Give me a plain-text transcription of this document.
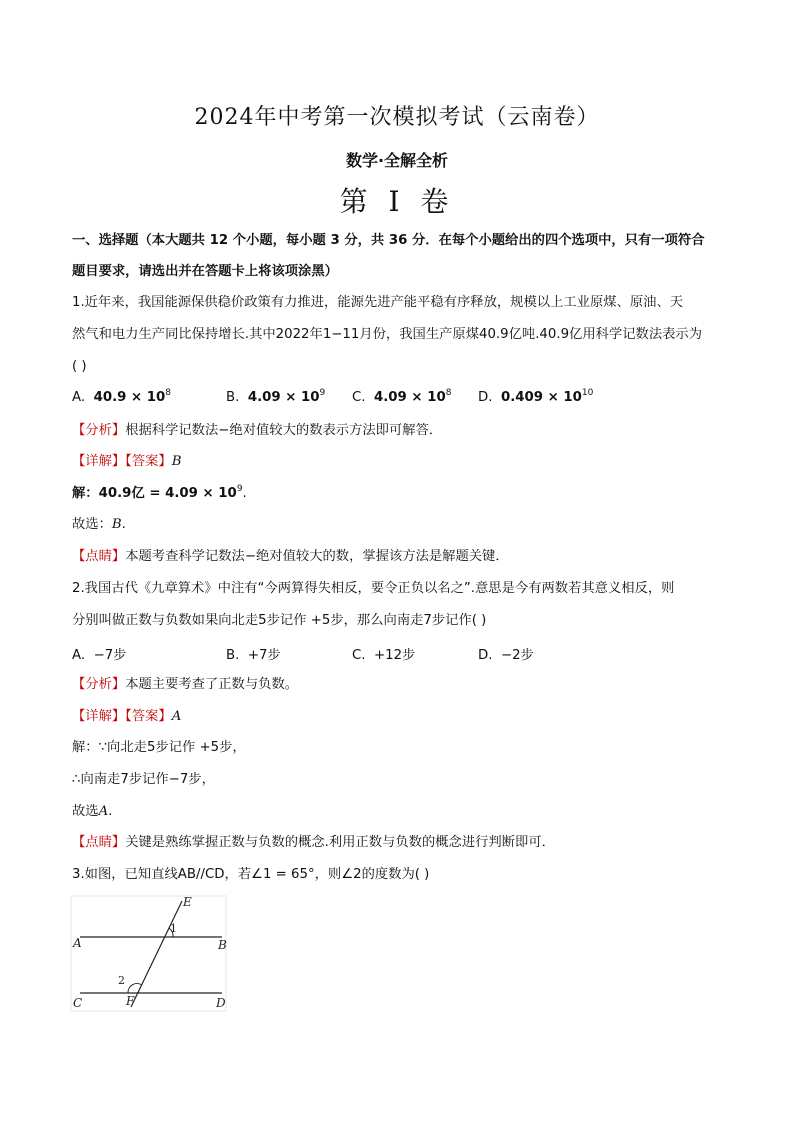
2024年中考第一次模拟考试（云南卷）
数学·全解全析
第 I 卷
一、选择题（本大题共 12 个小题，每小题 3 分，共 36 分．在每个小题给出的四个选项中，只有一项符合
题目要求，请选出并在答题卡上将该项涂黑）
1.近年来，我国能源保供稳价政策有力推进，能源先进产能平稳有序释放，规模以上工业原煤、原油、天
然气和电力生产同比保持增长.其中2022年1−11月份，我国生产原煤40.9亿吨.40.9亿用科学记数法表示为
( )
A. $40.9 \times 10^8$	B. $4.09 \times 10^9$ C. $4.09 \times 10^8$ D. $0.409 \times 10^{10}$
【分析】根据科学记数法−绝对值较大的数表示方法即可解答．
【详解】【答案】B
解：40.9亿 = $4.09 \times 10^9$.
故选：B.
【点睛】本题考查科学记数法−绝对值较大的数，掌握该方法是解题关键．
2.我国古代《九章算术》中注有“今两算得失相反，要令正负以名之”.意思是今有两数若其意义相反，则
分别叫做正数与负数如果向北走5步记作 +5步，那么向南走7步记作( )
A. −7步	B. +7步	C. +12步	D. −2步
【分析】本题主要考查了正数与负数。
【详解】【答案】A
解：∵向北走5步记作 +5步，
∴向南走7步记作−7步，
故选A.
【点睛】关键是熟练掌握正数与负数的概念.利用正数与负数的概念进行判断即可．
3.如图，已知直线AB//CD，若∠1 = 65°，则∠2的度数为( )
A	B
C	D
E
F
1
2
